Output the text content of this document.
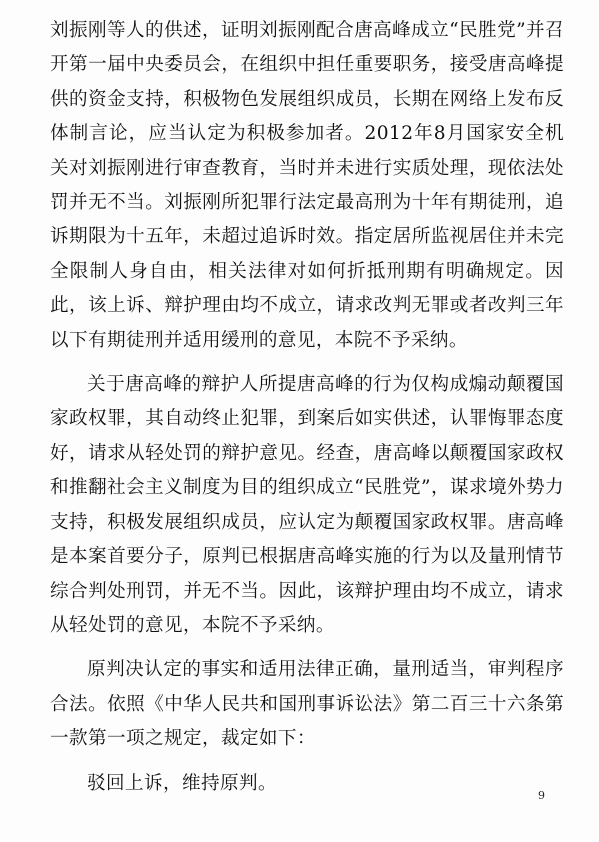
刘振刚等人的供述，证明刘振刚配合唐高峰成立“民胜党”并召开第一届中央委员会，在组织中担任重要职务，接受唐高峰提供的资金支持，积极物色发展组织成员，长期在网络上发布反体制言论，应当认定为积极参加者。2012年8月国家安全机关对刘振刚进行审查教育，当时并未进行实质处理，现依法处罚并无不当。刘振刚所犯罪行法定最高刑为十年有期徒刑，追诉期限为十五年，未超过追诉时效。指定居所监视居住并未完全限制人身自由，相关法律对如何折抵刑期有明确规定。因此，该上诉、辩护理由均不成立，请求改判无罪或者改判三年以下有期徒刑并适用缓刑的意见，本院不予采纳。

关于唐高峰的辩护人所提唐高峰的行为仅构成煽动颠覆国家政权罪，其自动终止犯罪，到案后如实供述，认罪悔罪态度好，请求从轻处罚的辩护意见。经查，唐高峰以颠覆国家政权和推翻社会主义制度为目的组织成立“民胜党”，谋求境外势力支持，积极发展组织成员，应认定为颠覆国家政权罪。唐高峰是本案首要分子，原判已根据唐高峰实施的行为以及量刑情节综合判处刑罚，并无不当。因此，该辩护理由均不成立，请求从轻处罚的意见，本院不予采纳。

原判决认定的事实和适用法律正确，量刑适当，审判程序合法。依照《中华人民共和国刑事诉讼法》第二百三十六条第一款第一项之规定，裁定如下：

驳回上诉，维持原判。

9
